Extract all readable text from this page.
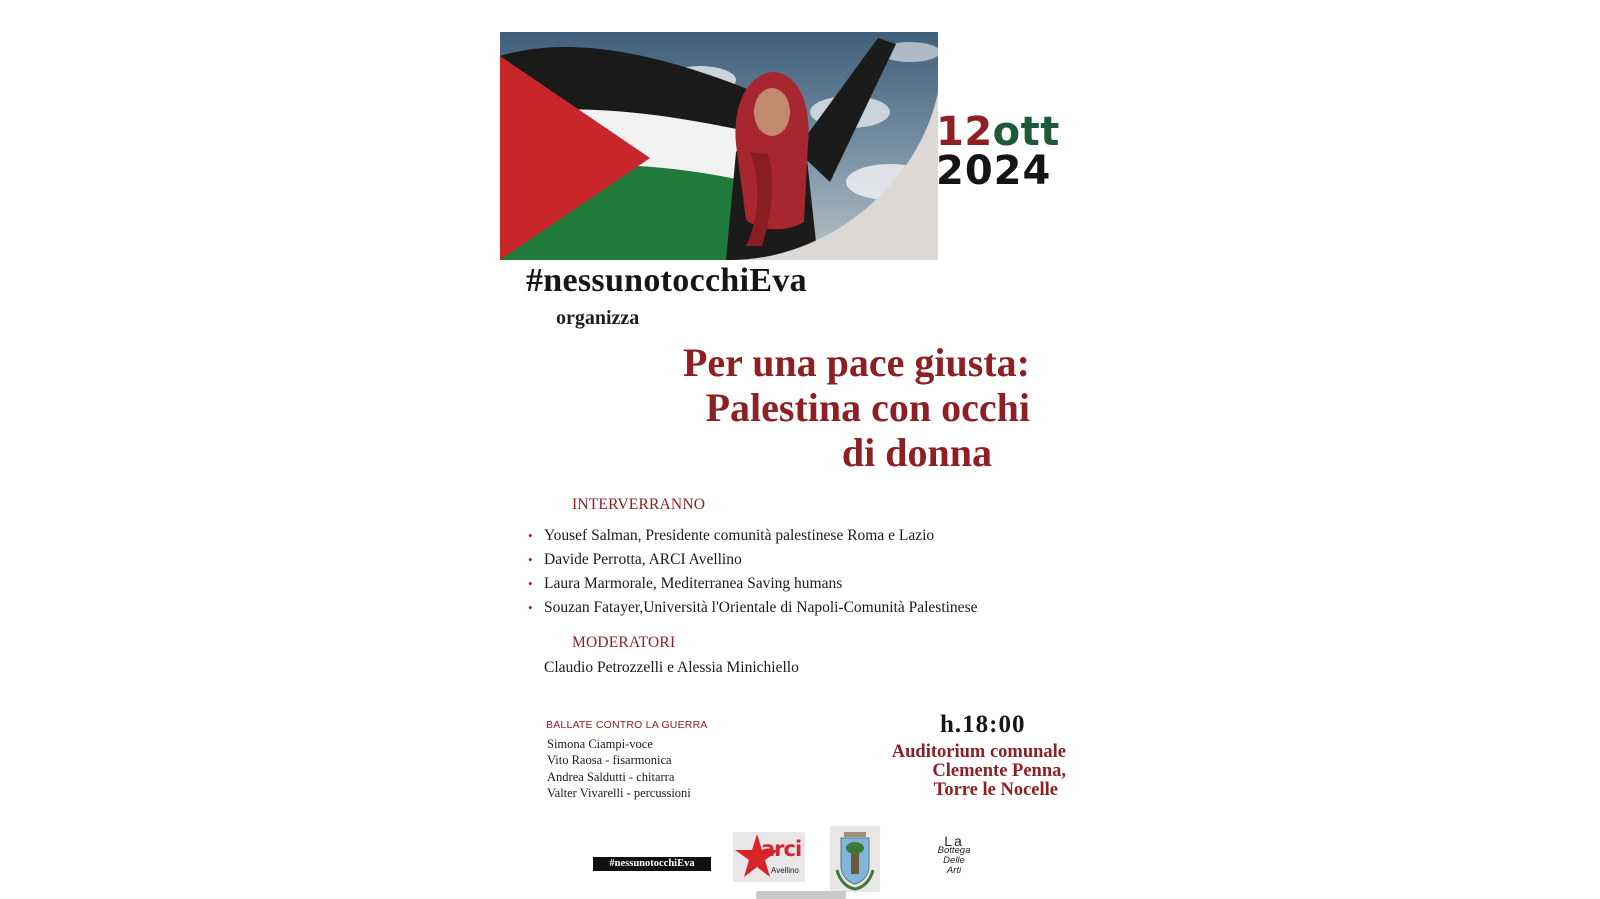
12ott
2024
#nessunotocchiEva
organizza
Per una pace giusta:
Palestina con occhi
di donna
INTERVERRANNO
• Yousef Salman, Presidente comunità palestinese Roma e Lazio
• Davide Perrotta, ARCI Avellino
• Laura Marmorale, Mediterranea Saving humans
• Souzan Fatayer,Università l'Orientale di Napoli-Comunità Palestinese
MODERATORI
Claudio Petrozzelli e Alessia Minichiello
BALLATE CONTRO LA GUERRA
Simona Ciampi-voce
Vito Raosa - fisarmonica
Andrea Saldutti - chitarra
Valter Vivarelli - percussioni
h.18:00
Auditorium comunale
Clemente Penna,
Torre le Nocelle
#nessunotocchiEva
arci
Avellino
La
Bottega
Delle
Arti
